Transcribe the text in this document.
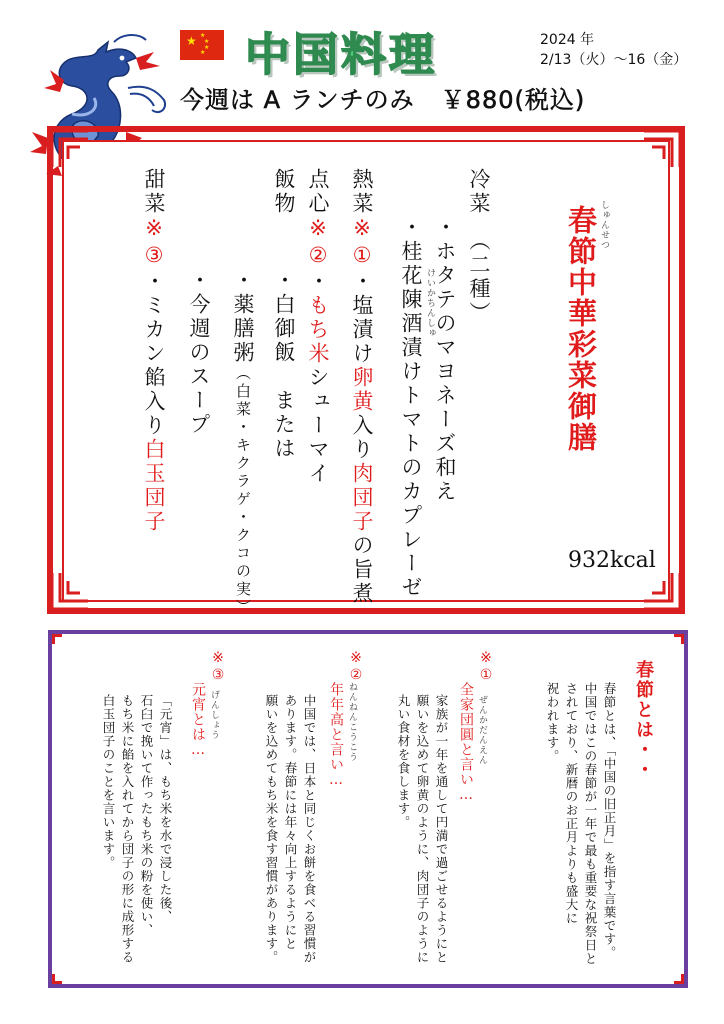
★ ★
★
★
★ 中国料理	2024 年
2/13（火）～16（金）
今週は A ランチのみ ￥880(税込)
しゅんせつ
春節中華彩菜御膳
冷菜　（二種）
　　・ホタテのマヨネーズ和え
けいかちんしゅ
　　・桂花陳酒漬けトマトのカプレーゼ
熱菜※①・塩漬け卵黄入り肉団子の旨煮
点心※②・もち米シューマイ
飯物
　・白御飯　または
　・薬膳粥（白菜・キクラゲ・クコの実）
　・今週のスープ
甜菜※③・ミカン餡入り白玉団子
932kcal
春節とは・・
春節とは、「中国の旧正月」を指す言葉です。
中国ではこの春節が一年で最も重要な祝祭日と
されており、新暦のお正月よりも盛大に
祝われます。
※①
ぜんかだんえん
全家団圓と言い…
家族が一年を通して円満で過ごせるようにと
願いを込めて卵黄のように、肉団子のように
丸い食材を食します。
※②
ねんねんこうこう
年年高と言い…
中国では、日本と同じくお餅を食べる習慣が
あります。春節には年々向上するようにと
願いを込めてもち米を食す習慣があります。
※③
げんしょう
元宵とは…
「元宵」は、もち米を水で浸した後、
石臼で挽いて作ったもち米の粉を使い、
もち米に餡を入れてから団子の形に成形する
白玉団子のことを言います。
